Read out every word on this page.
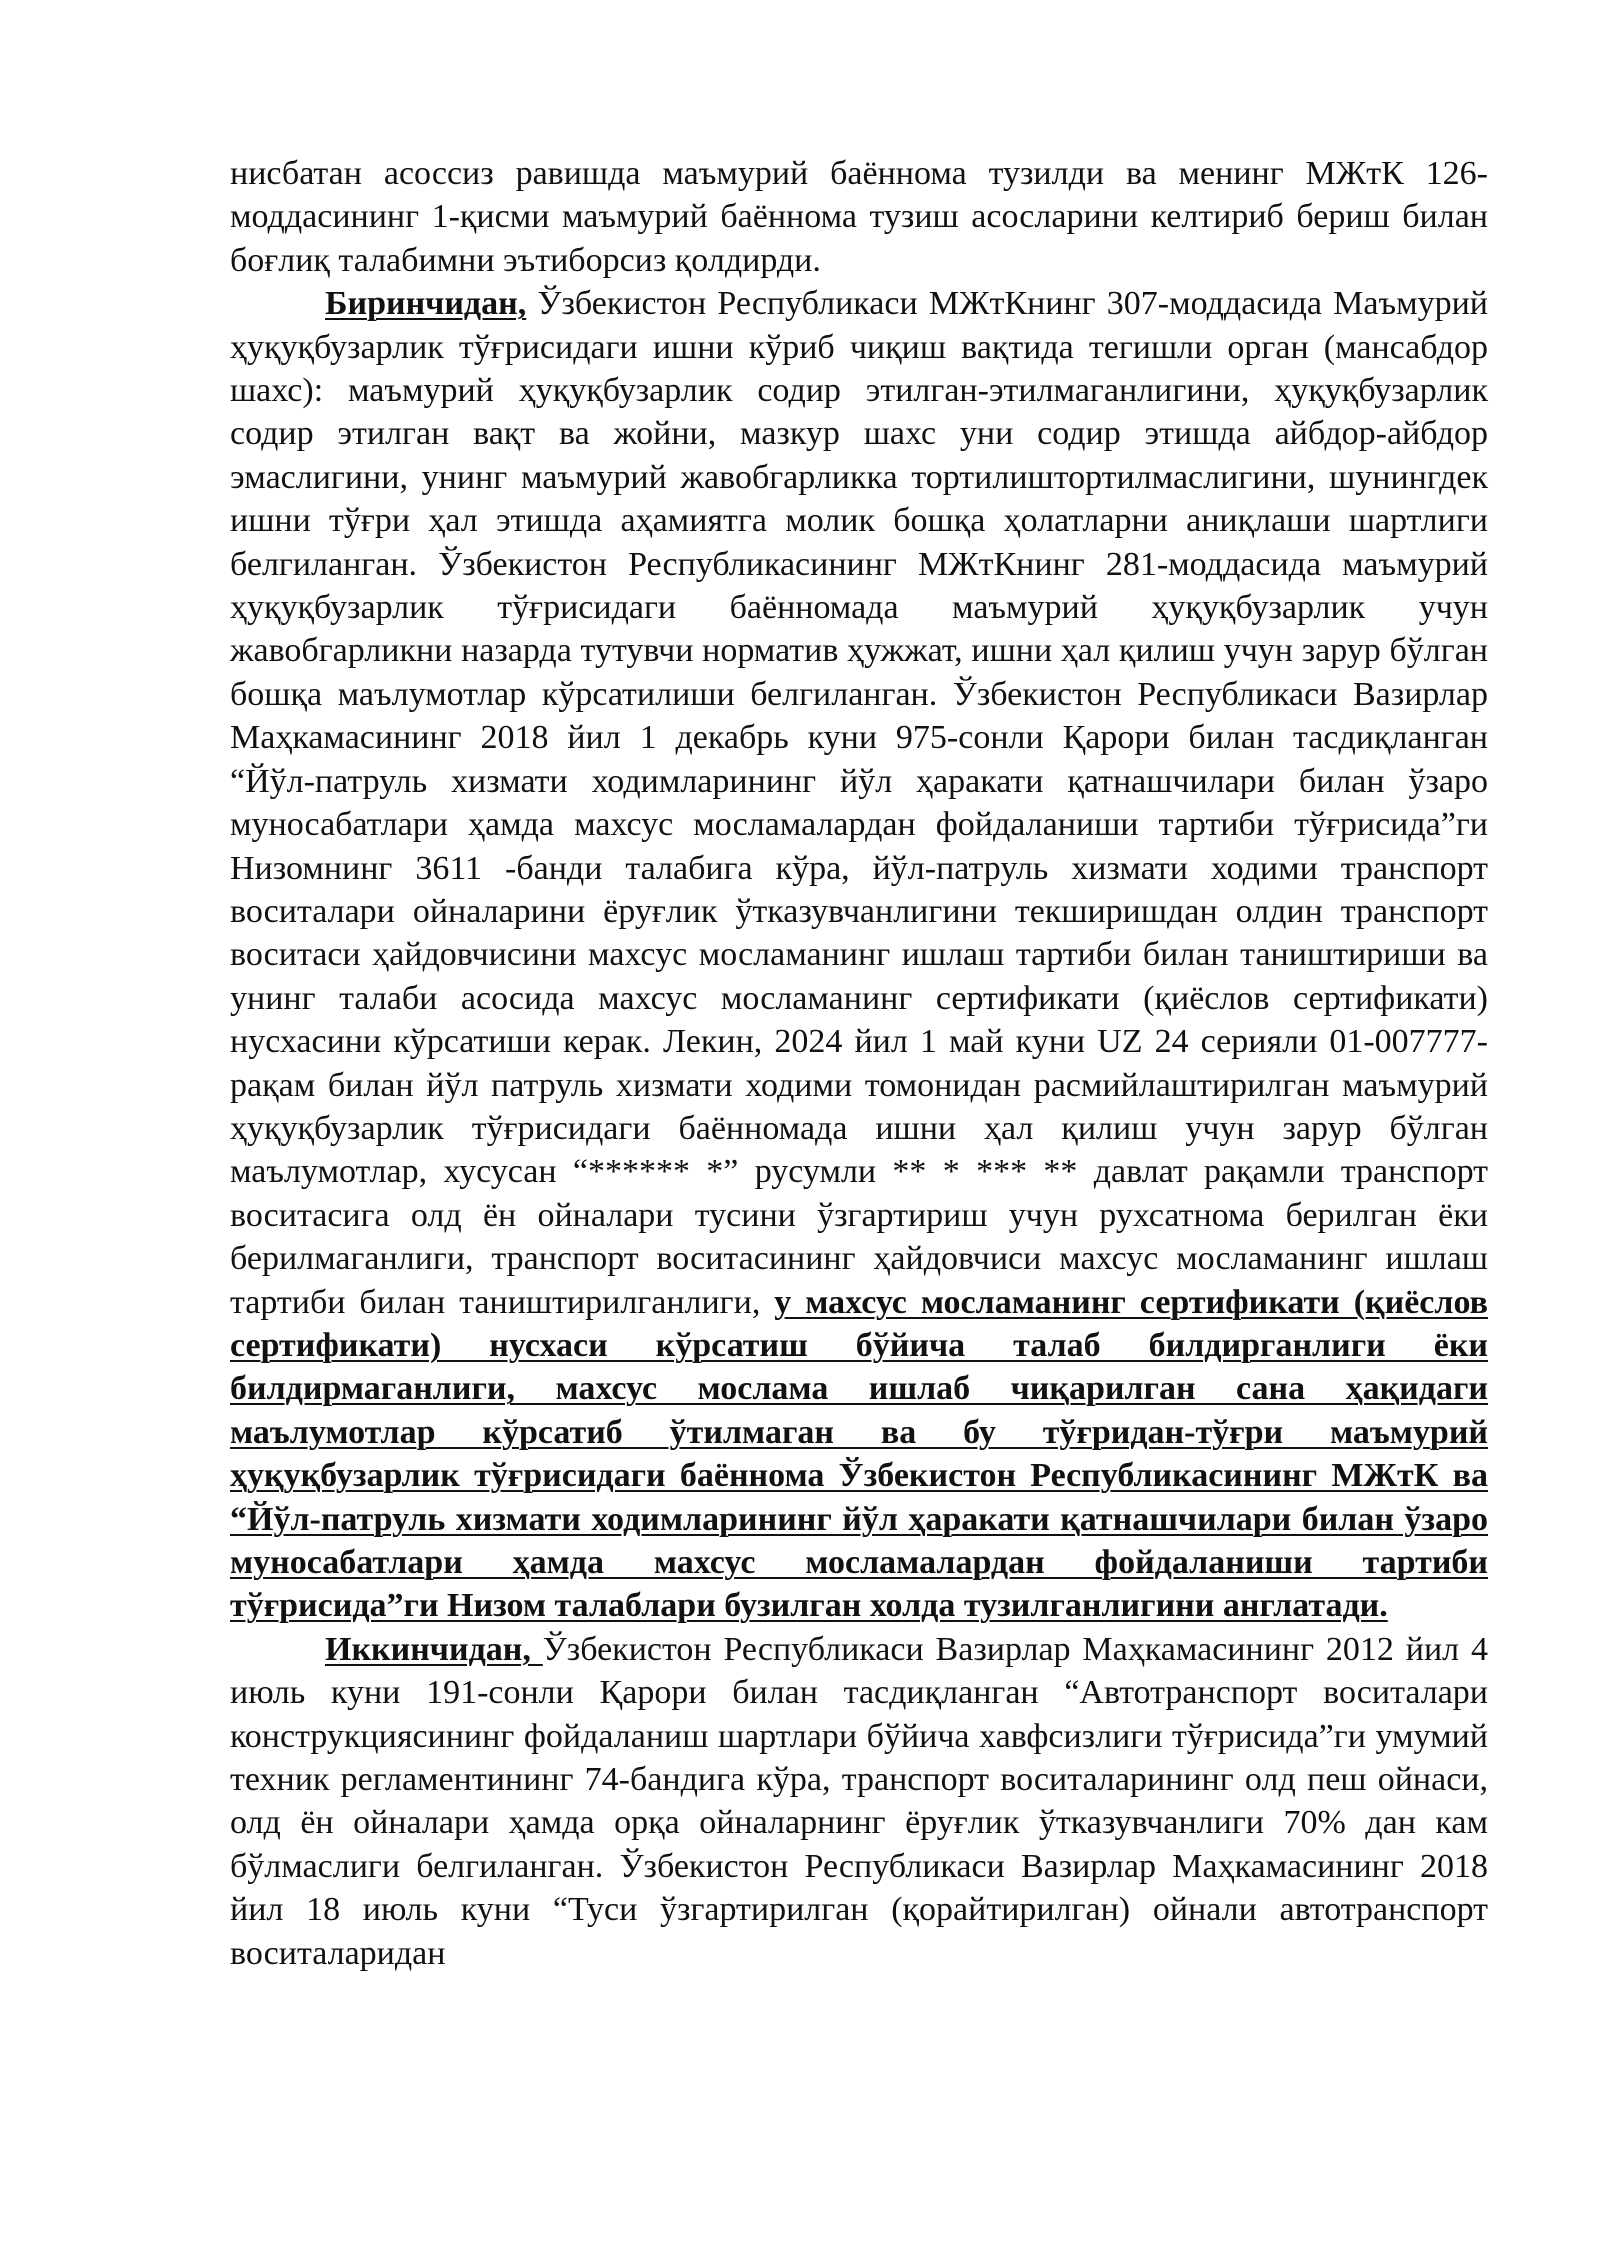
нисбатан асоссиз равишда маъмурий баённома тузилди ва менинг МЖтК 126-моддасининг 1-қисми маъмурий баённома тузиш асосларини келтириб бериш билан боғлиқ талабимни эътиборсиз қолдирди.

Биринчидан, Ўзбекистон Республикаси МЖтКнинг 307-моддасида Маъмурий ҳуқуқбузарлик тўғрисидаги ишни кўриб чиқиш вақтида тегишли орган (мансабдор шахс): маъмурий ҳуқуқбузарлик содир этилган-этилмаганлигини, ҳуқуқбузарлик содир этилган вақт ва жойни, мазкур шахс уни содир этишда айбдор-айбдор эмаслигини, унинг маъмурий жавобгарликка тортилиштортилмаслигини, шунингдек ишни тўғри ҳал этишда аҳамиятга молик бошқа ҳолатларни аниқлаши шартлиги белгиланган. Ўзбекистон Республикасининг МЖтКнинг 281-моддасида маъмурий ҳуқуқбузарлик тўғрисидаги баённомада маъмурий ҳуқуқбузарлик учун жавобгарликни назарда тутувчи норматив ҳужжат, ишни ҳал қилиш учун зарур бўлган бошқа маълумотлар кўрсатилиши белгиланган. Ўзбекистон Республикаси Вазирлар Маҳкамасининг 2018 йил 1 декабрь куни 975-сонли Қарори билан тасдиқланган “Йўл-патруль хизмати ходимларининг йўл ҳаракати қатнашчилари билан ўзаро муносабатлари ҳамда махсус мосламалардан фойдаланиши тартиби тўғрисида”ги Низомнинг 3611 -банди талабига кўра, йўл-патруль хизмати ходими транспорт воситалари ойналарини ёруғлик ўтказувчанлигини текширишдан олдин транспорт воситаси ҳайдовчисини махсус мосламанинг ишлаш тартиби билан таништириши ва унинг талаби асосида махсус мосламанинг сертификати (қиёслов сертификати) нусхасини кўрсатиши керак. Лекин, 2024 йил 1 май куни UZ 24 серияли 01-007777-рақам билан йўл патруль хизмати ходими томонидан расмийлаштирилган маъмурий ҳуқуқбузарлик тўғрисидаги баённомада ишни ҳал қилиш учун зарур бўлган маълумотлар, хусусан “****** *” русумли ** * *** ** давлат рақамли транспорт воситасига олд ён ойналари тусини ўзгартириш учун рухсатнома берилган ёки берилмаганлиги, транспорт воситасининг ҳайдовчиси махсус мосламанинг ишлаш тартиби билан таништирилганлиги, у махсус мосламанинг сертификати (қиёслов сертификати) нусхаси кўрсатиш бўйича талаб билдирганлиги ёки билдирмаганлиги, махсус мослама ишлаб чиқарилган сана ҳақидаги маълумотлар кўрсатиб ўтилмаган ва бу тўғридан-тўғри маъмурий ҳуқуқбузарлик тўғрисидаги баённома Ўзбекистон Республикасининг МЖтК ва “Йўл-патруль хизмати ходимларининг йўл ҳаракати қатнашчилари билан ўзаро муносабатлари ҳамда махсус мосламалардан фойдаланиши тартиби тўғрисида”ги Низом талаблари бузилган холда тузилганлигини англатади.

Иккинчидан, Ўзбекистон Республикаси Вазирлар Маҳкамасининг 2012 йил 4 июль куни 191-сонли Қарори билан тасдиқланган “Автотранспорт воситалари конструкциясининг фойдаланиш шартлари бўйича хавфсизлиги тўғрисида”ги умумий техник регламентининг 74-бандига кўра, транспорт воситаларининг олд пеш ойнаси, олд ён ойналари ҳамда орқа ойналарнинг ёруғлик ўтказувчанлиги 70% дан кам бўлмаслиги белгиланган. Ўзбекистон Республикаси Вазирлар Маҳкамасининг 2018 йил 18 июль куни “Туси ўзгартирилган (қорайтирилган) ойнали автотранспорт воситаларидан
